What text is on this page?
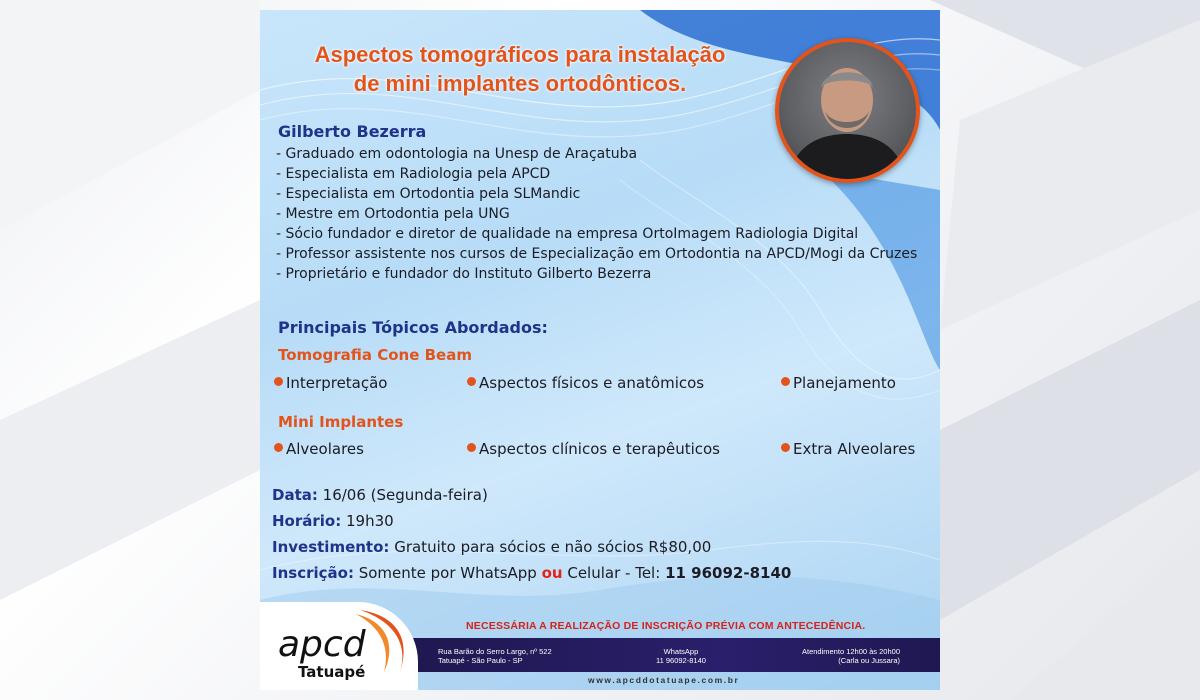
Aspectos tomográficos para instalação
de mini implantes ortodônticos.
Gilberto Bezerra
- Graduado em odontologia na Unesp de Araçatuba
- Especialista em Radiologia pela APCD
- Especialista em Ortodontia pela SLMandic
- Mestre em Ortodontia pela UNG
- Sócio fundador e diretor de qualidade na empresa OrtoImagem Radiologia Digital
- Professor assistente nos cursos de Especialização em Ortodontia na APCD/Mogi da Cruzes
- Proprietário e fundador do Instituto Gilberto Bezerra
Principais Tópicos Abordados:
Tomografia Cone Beam
Interpretação	Aspectos físicos e anatômicos	Planejamento
Mini Implantes
Alveolares	Aspectos clínicos e terapêuticos	Extra Alveolares
Data: 16/06 (Segunda-feira)
Horário: 19h30
Investimento: Gratuito para sócios e não sócios R$80,00
Inscrição: Somente por WhatsApp ou Celular - Tel: 11 96092-8140
NECESSÁRIA A REALIZAÇÃO DE INSCRIÇÃO PRÉVIA COM ANTECEDÊNCIA.
Rua Barão do Serro Largo, nº 522
Tatuapé - São Paulo - SP
WhatsApp
11 96092-8140
Atendimento 12h00 às 20h00
(Carla ou Jussara)
www.apcddotatuape.com.br
apcd
Tatuapé
